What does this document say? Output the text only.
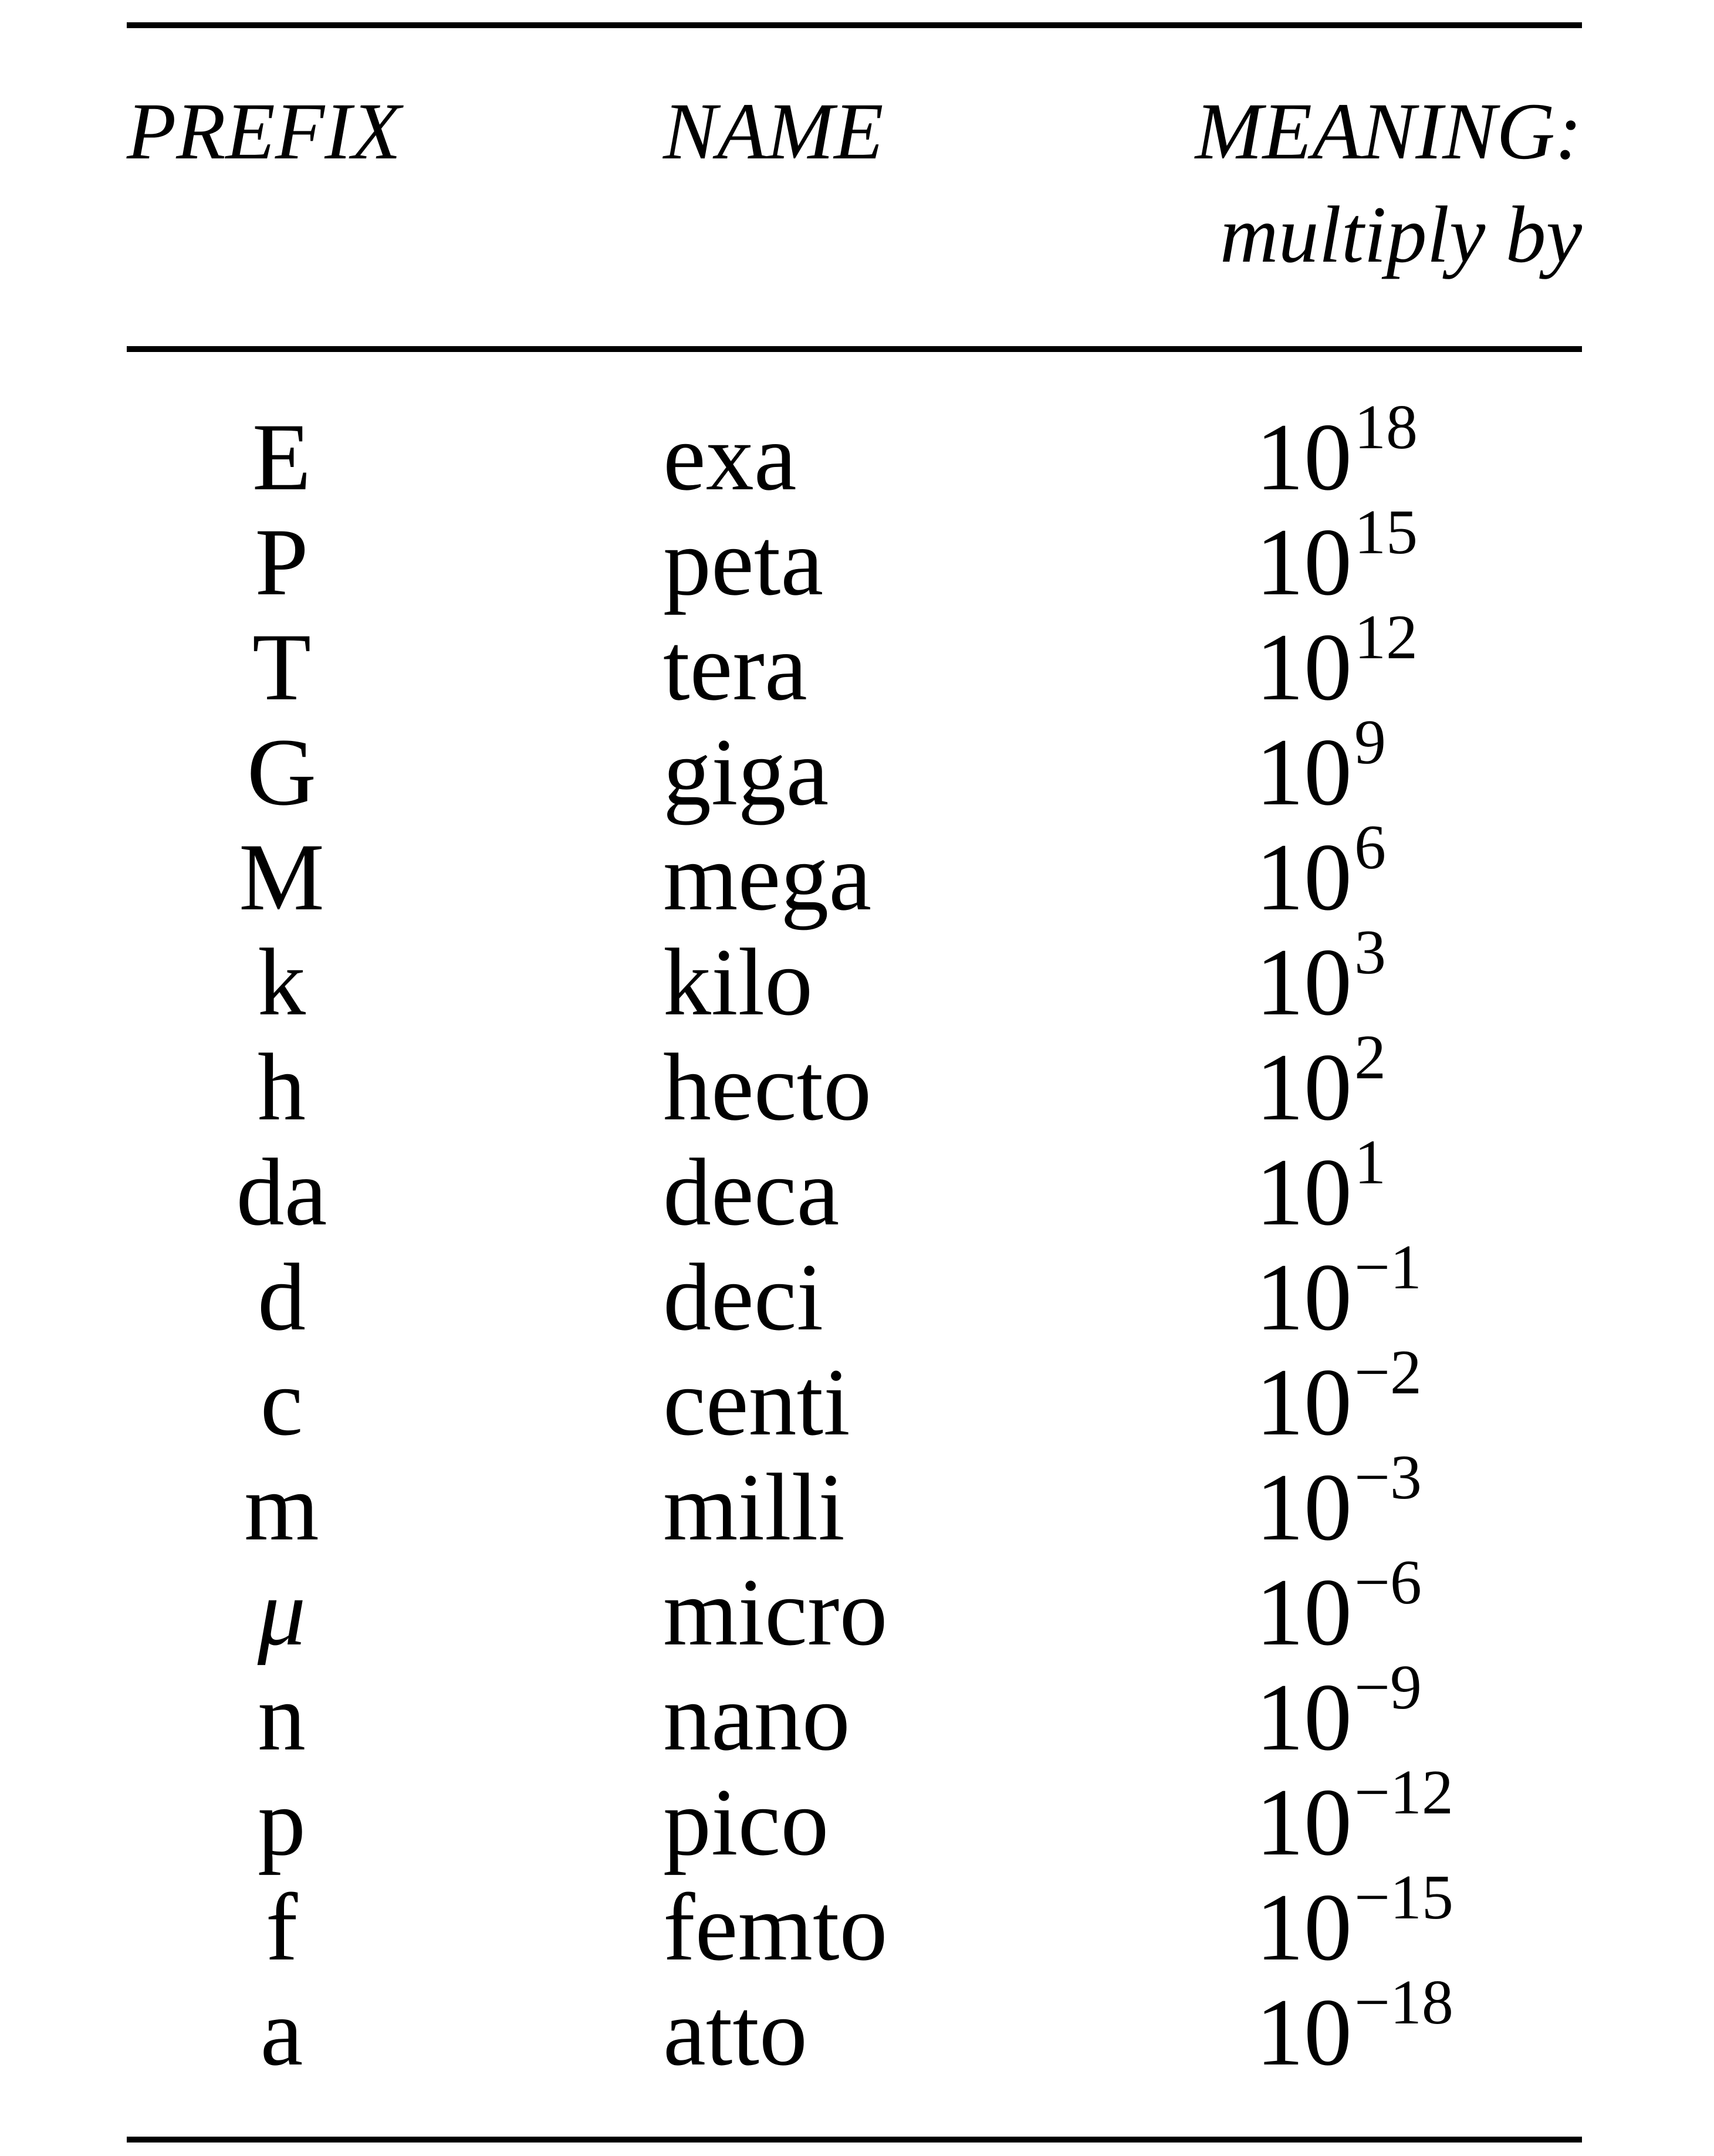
PREFIX	NAME	MEANING:
multiply by
E	exa	$10^{18}$
P	peta	$10^{15}$
T	tera	$10^{12}$
G	giga	$10^9$
M	mega	$10^6$
k	kilo	$10^3$
h	hecto	$10^2$
da	deca	$10^1$
d	deci	$10^{-1}$
c	centi	$10^{-2}$
m	milli	$10^{-3}$
μ	micro	$10^{-6}$
n	nano	$10^{-9}$
p	pico	$10^{-12}$
f	femto	$10^{-15}$
a	atto	$10^{-18}$
